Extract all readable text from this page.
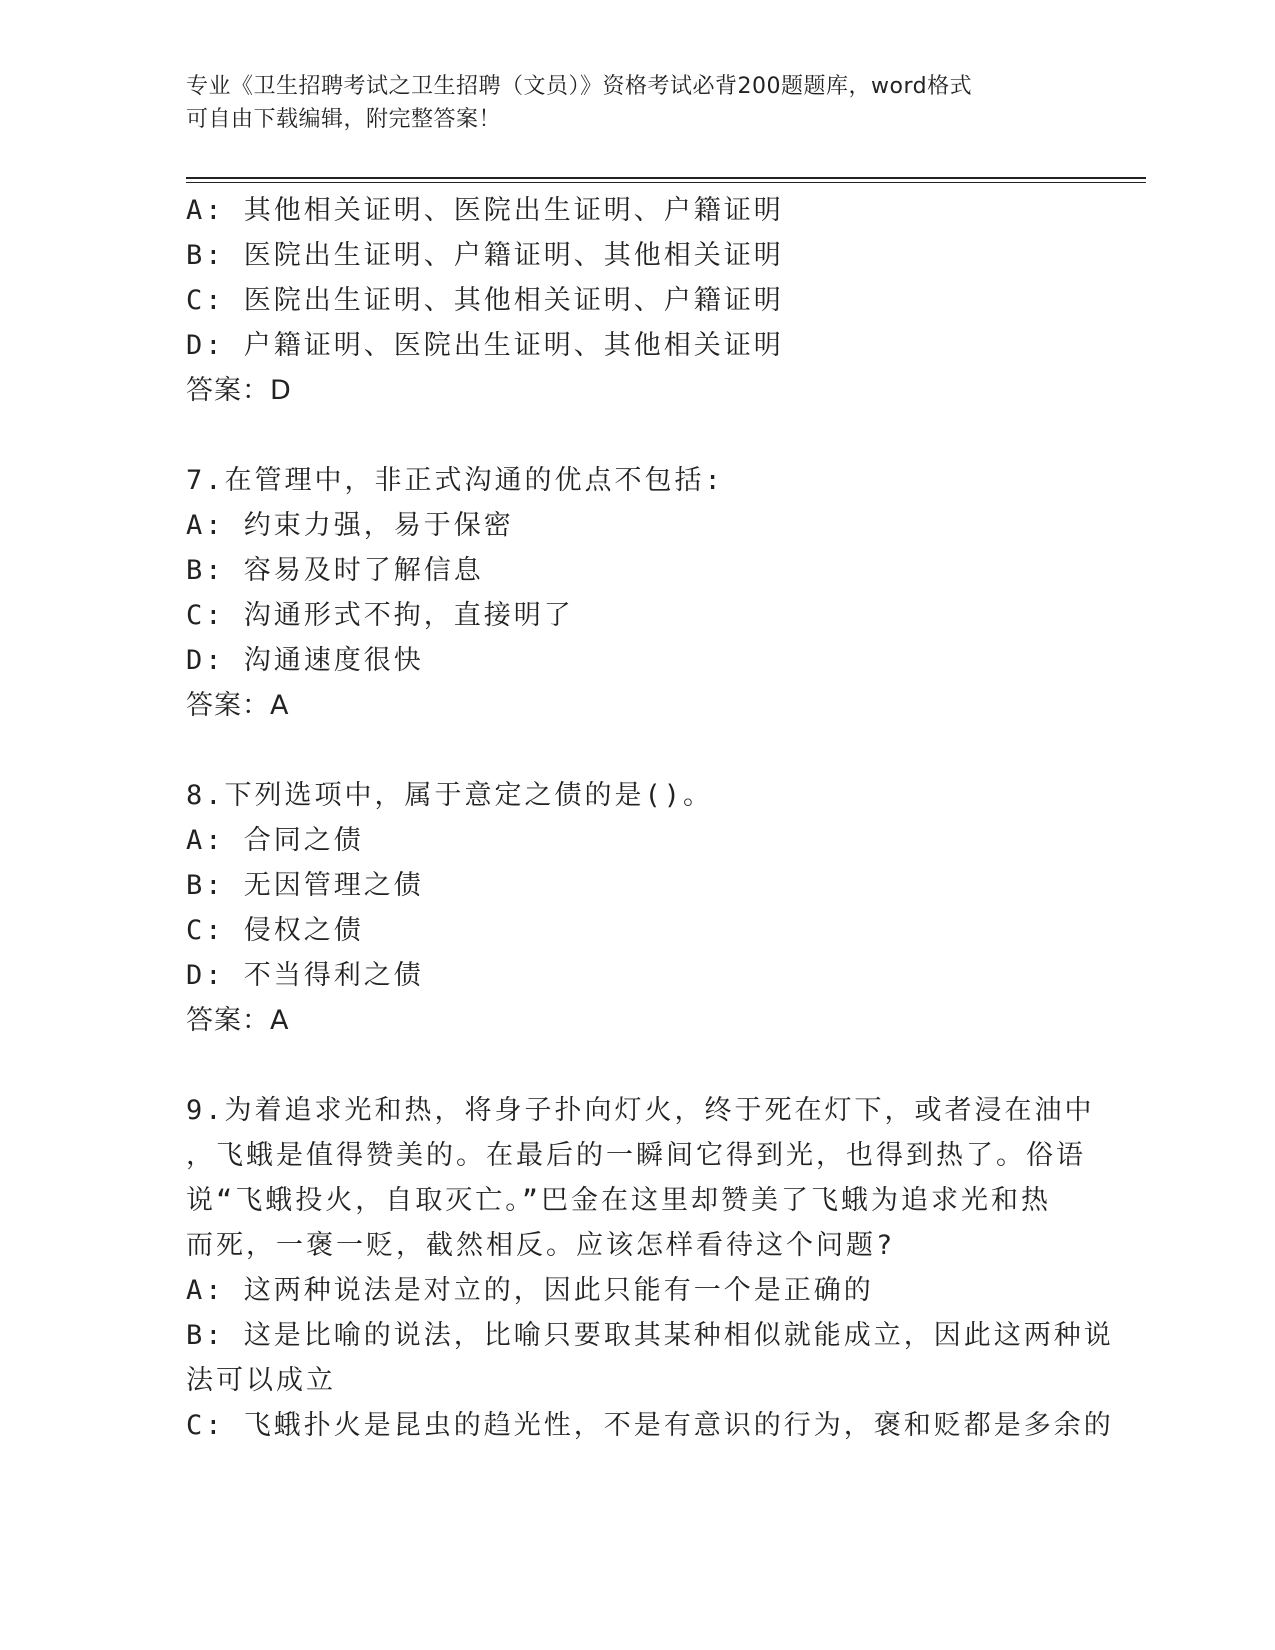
专业《卫生招聘考试之卫生招聘（文员）》资格考试必背200题题库，word格式
可自由下载编辑，附完整答案！
A: 其他相关证明、医院出生证明、户籍证明
B: 医院出生证明、户籍证明、其他相关证明
C: 医院出生证明、其他相关证明、户籍证明
D: 户籍证明、医院出生证明、其他相关证明
答案：D
7.在管理中，非正式沟通的优点不包括:
A: 约束力强，易于保密
B: 容易及时了解信息
C: 沟通形式不拘，直接明了
D: 沟通速度很快
答案：A
8.下列选项中，属于意定之债的是()。
A: 合同之债
B: 无因管理之债
C: 侵权之债
D: 不当得利之债
答案：A
9.为着追求光和热，将身子扑向灯火，终于死在灯下，或者浸在油中
，飞蛾是值得赞美的。在最后的一瞬间它得到光，也得到热了。俗语
说“飞蛾投火，自取灭亡。”巴金在这里却赞美了飞蛾为追求光和热
而死，一褒一贬，截然相反。应该怎样看待这个问题?
A: 这两种说法是对立的，因此只能有一个是正确的
B: 这是比喻的说法，比喻只要取其某种相似就能成立，因此这两种说
法可以成立
C: 飞蛾扑火是昆虫的趋光性，不是有意识的行为，褒和贬都是多余的
